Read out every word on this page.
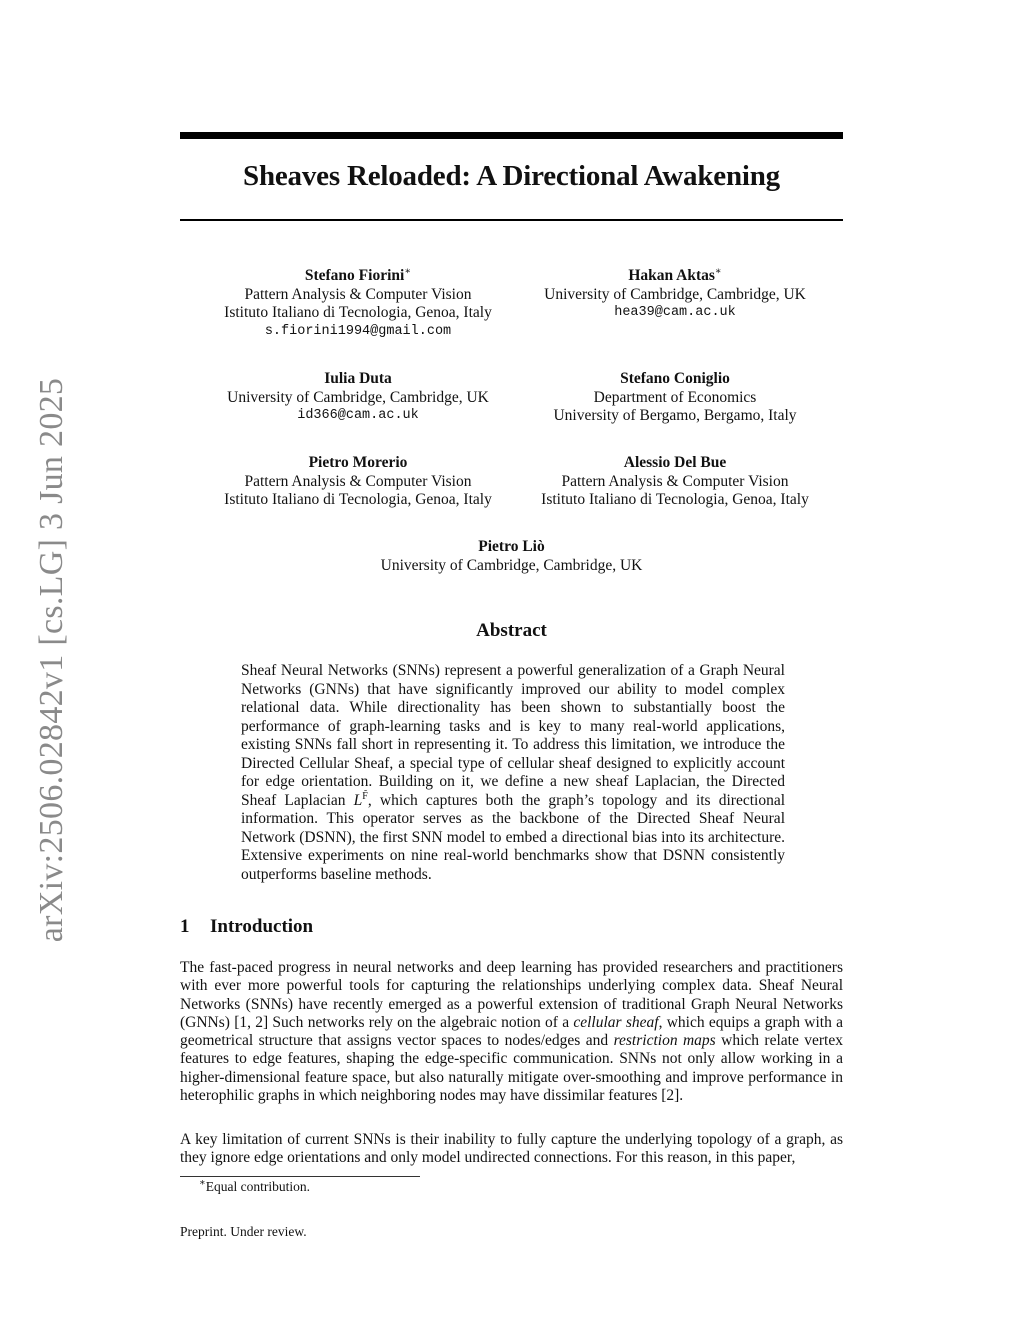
arXiv:2506.02842v1 [cs.LG] 3 Jun 2025
Sheaves Reloaded: A Directional Awakening
Stefano Fiorini∗
Pattern Analysis & Computer Vision
Istituto Italiano di Tecnologia, Genoa, Italy
s.fiorini1994@gmail.com
Hakan Aktas∗
University of Cambridge, Cambridge, UK
hea39@cam.ac.uk
Iulia Duta
University of Cambridge, Cambridge, UK
id366@cam.ac.uk
Stefano Coniglio
Department of Economics
University of Bergamo, Bergamo, Italy
Pietro Morerio
Pattern Analysis & Computer Vision
Istituto Italiano di Tecnologia, Genoa, Italy
Alessio Del Bue
Pattern Analysis & Computer Vision
Istituto Italiano di Tecnologia, Genoa, Italy
Pietro Liò
University of Cambridge, Cambridge, UK
Abstract
Sheaf Neural Networks (SNNs) represent a powerful generalization of a Graph Neural Networks (GNNs) that have significantly improved our ability to model complex relational data. While directionality has been shown to substantially boost the performance of graph-learning tasks and is key to many real-world applications, existing SNNs fall short in representing it. To address this limitation, we introduce the Directed Cellular Sheaf, a special type of cellular sheaf designed to explicitly account for edge orientation. Building on it, we define a new sheaf Laplacian, the Directed Sheaf Laplacian $L^{F̃}$, which captures both the graph’s topology and its directional information. This operator serves as the backbone of the Directed Sheaf Neural Network (DSNN), the first SNN model to embed a directional bias into its architecture. Extensive experiments on nine real-world benchmarks show that DSNN consistently outperforms baseline methods.
1 Introduction
The fast-paced progress in neural networks and deep learning has provided researchers and practitioners with ever more powerful tools for capturing the relationships underlying complex data. Sheaf Neural Networks (SNNs) have recently emerged as a powerful extension of traditional Graph Neural Networks (GNNs) [1, 2] Such networks rely on the algebraic notion of a cellular sheaf, which equips a graph with a geometrical structure that assigns vector spaces to nodes/edges and restriction maps which relate vertex features to edge features, shaping the edge-specific communication. SNNs not only allow working in a higher-dimensional feature space, but also naturally mitigate over-smoothing and improve performance in heterophilic graphs in which neighboring nodes may have dissimilar features [2].
A key limitation of current SNNs is their inability to fully capture the underlying topology of a graph, as they ignore edge orientations and only model undirected connections. For this reason, in this paper,
∗Equal contribution.
Preprint. Under review.
